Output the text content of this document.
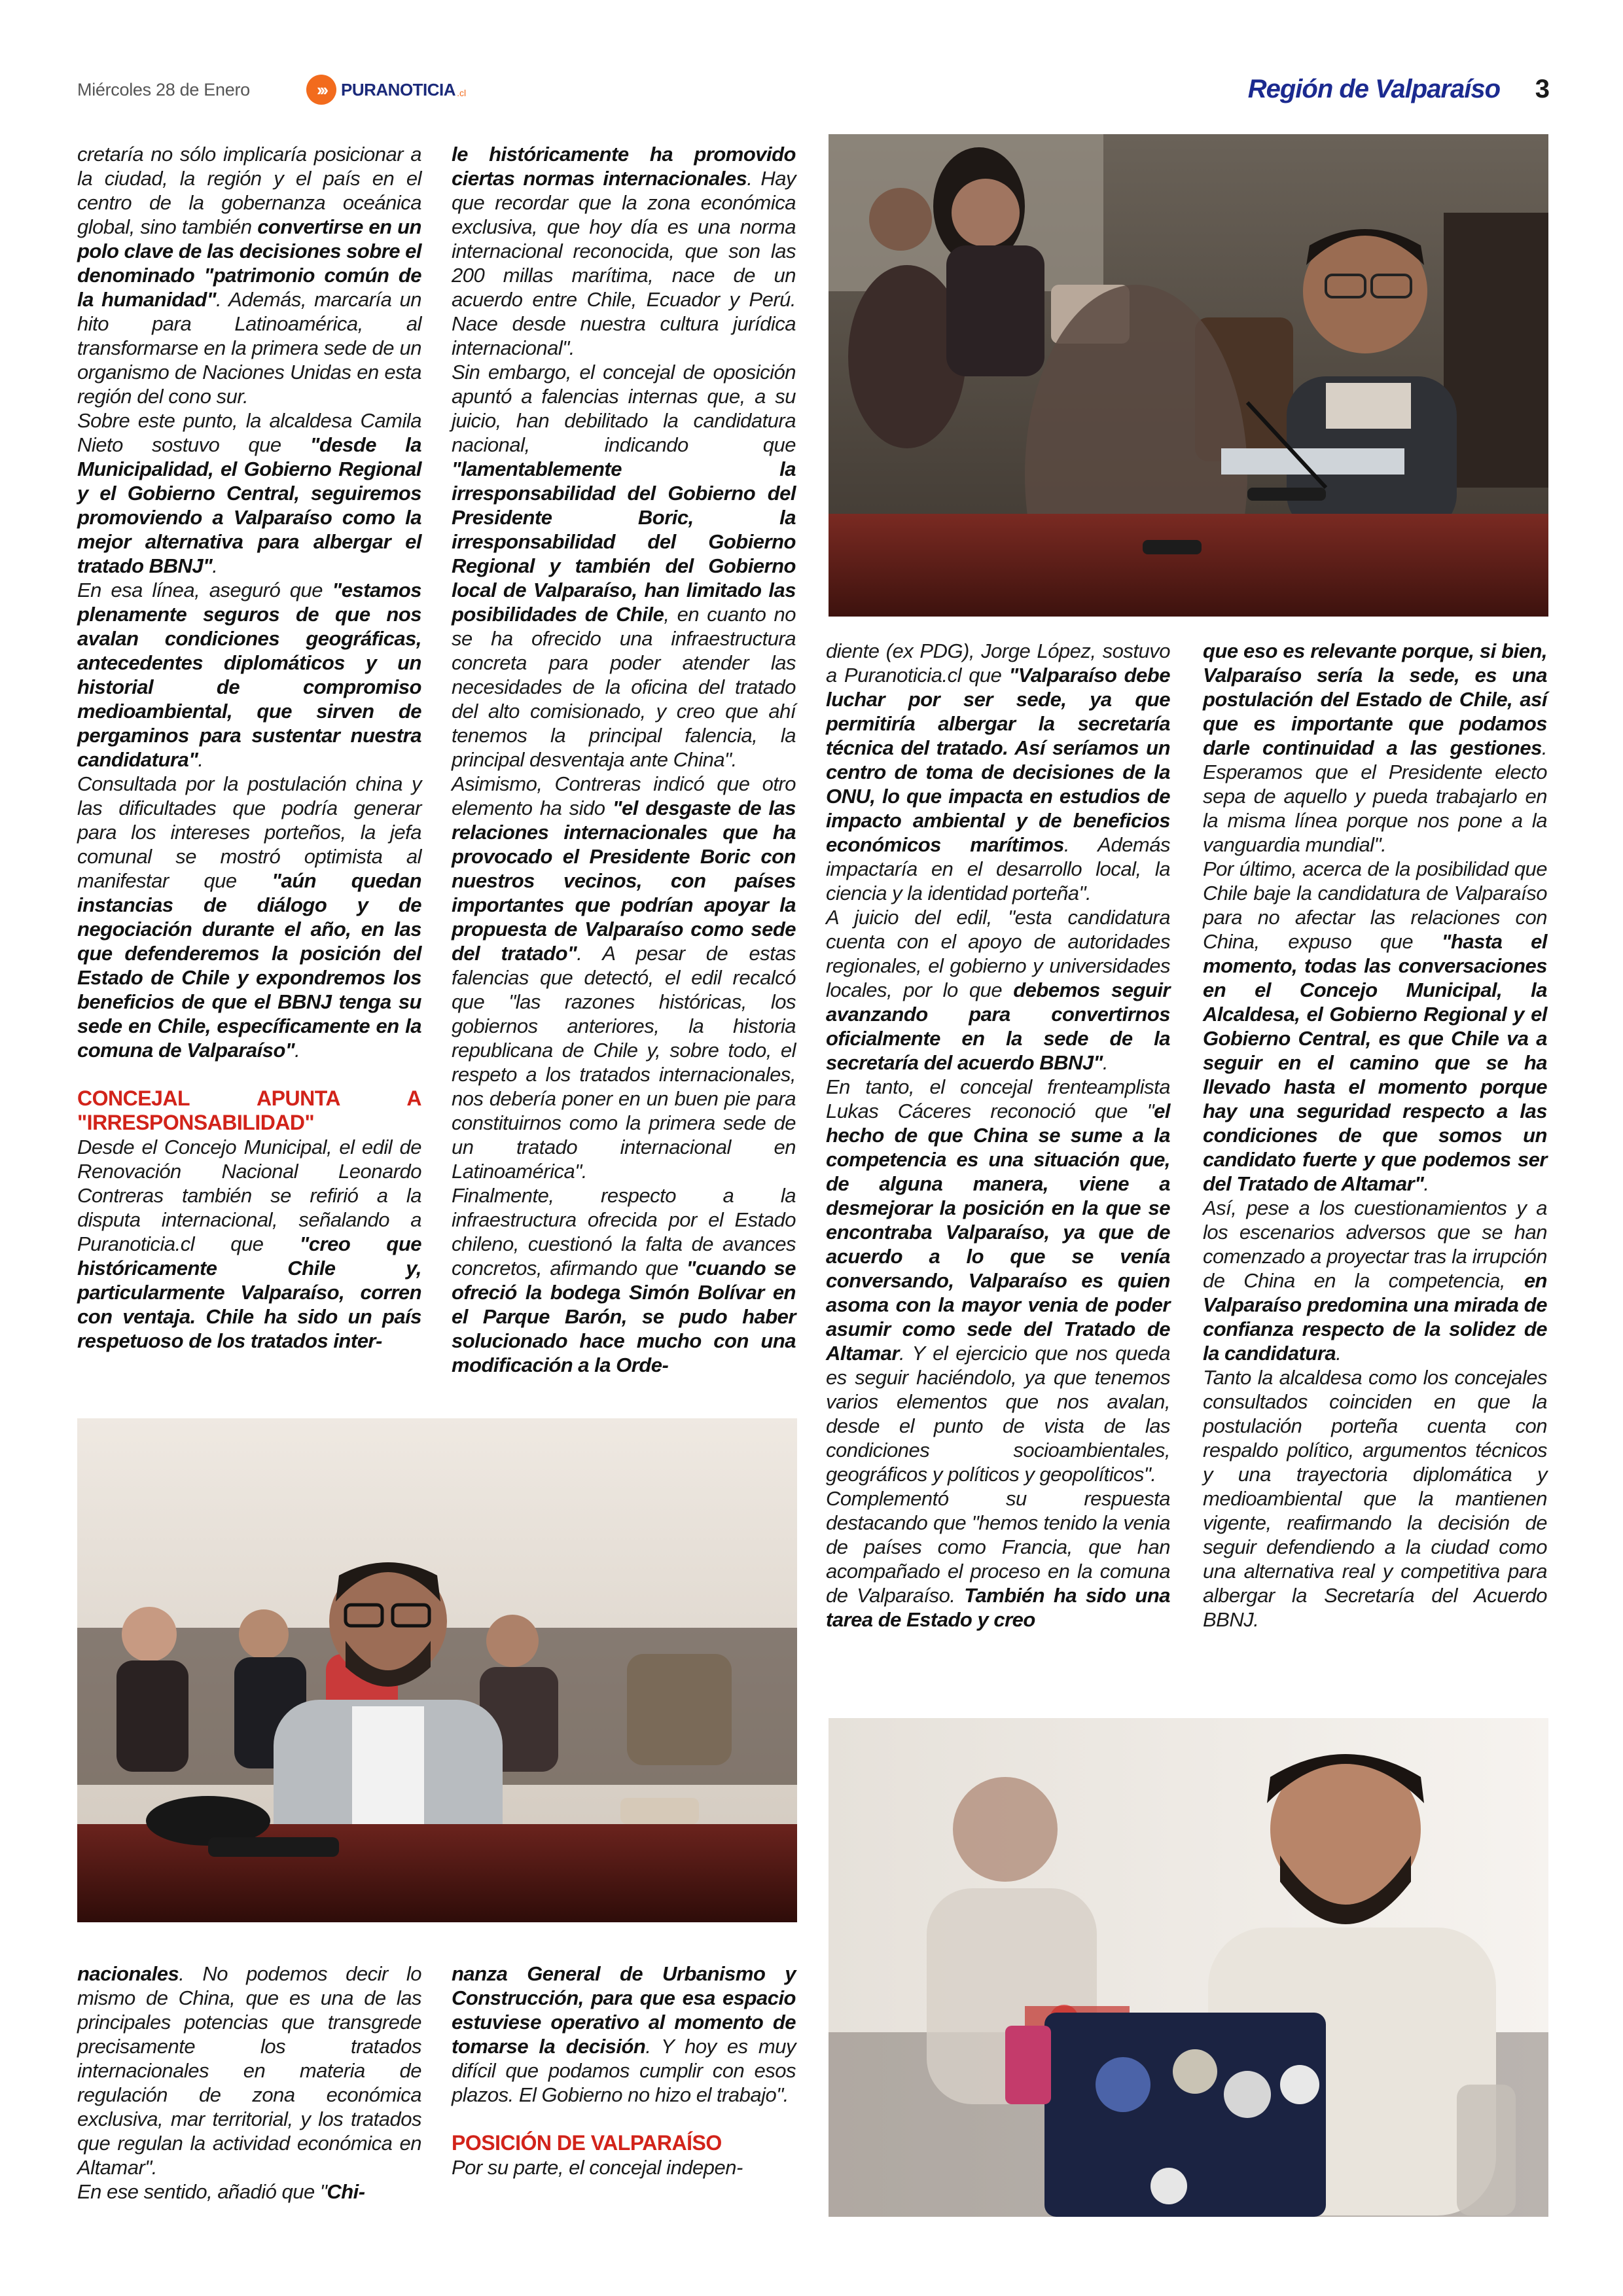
Miércoles 28 de Enero	››› PURANOTICIA .cl	Región de Valparaíso 3

cretaría no sólo implicaría posicionar a la ciudad, la región y el país en el centro de la gobernanza oceánica global, sino también convertirse en un polo clave de las decisiones sobre el denominado "patrimonio común de la humanidad". Además, marcaría un hito para Latinoamérica, al transformarse en la primera sede de un organismo de Naciones Unidas en esta región del cono sur.

Sobre este punto, la alcaldesa Camila Nieto sostuvo que "desde la Municipalidad, el Gobierno Regional y el Gobierno Central, seguiremos promoviendo a Valparaíso como la mejor alternativa para albergar el tratado BBNJ".

En esa línea, aseguró que "estamos plenamente seguros de que nos avalan condiciones geográficas, antecedentes diplomáticos y un historial de compromiso medioambiental, que sirven de pergaminos para sustentar nuestra candidatura".

Consultada por la postulación china y las dificultades que podría generar para los intereses porteños, la jefa comunal se mostró optimista al manifestar que "aún quedan instancias de diálogo y de negociación durante el año, en las que defenderemos la posición del Estado de Chile y expondremos los beneficios de que el BBNJ tenga su sede en Chile, específicamente en la comuna de Valparaíso".

CONCEJAL APUNTA A "IRRESPONSABILIDAD"

Desde el Concejo Municipal, el edil de Renovación Nacional Leonardo Contreras también se refirió a la disputa internacional, señalando a Puranoticia.cl que "creo que históricamente Chile y, particularmente Valparaíso, corren con ventaja. Chile ha sido un país respetuoso de los tratados inter-

le históricamente ha promovido ciertas normas internacionales. Hay que recordar que la zona económica exclusiva, que hoy día es una norma internacional reconocida, que son las 200 millas marítima, nace de un acuerdo entre Chile, Ecuador y Perú. Nace desde nuestra cultura jurídica internacional".

Sin embargo, el concejal de oposición apuntó a falencias internas que, a su juicio, han debilitado la candidatura nacional, indicando que "lamentablemente la irresponsabilidad del Gobierno del Presidente Boric, la irresponsabilidad del Gobierno Regional y también del Gobierno local de Valparaíso, han limitado las posibilidades de Chile, en cuanto no se ha ofrecido una infraestructura concreta para poder atender las necesidades de la oficina del tratado del alto comisionado, y creo que ahí tenemos la principal falencia, la principal desventaja ante China".

Asimismo, Contreras indicó que otro elemento ha sido "el desgaste de las relaciones internacionales que ha provocado el Presidente Boric con nuestros vecinos, con países importantes que podrían apoyar la propuesta de Valparaíso como sede del tratado". A pesar de estas falencias que detectó, el edil recalcó que "las razones históricas, los gobiernos anteriores, la historia republicana de Chile y, sobre todo, el respeto a los tratados internacionales, nos debería poner en un buen pie para constituirnos como la primera sede de un tratado internacional en Latinoamérica".

Finalmente, respecto a la infraestructura ofrecida por el Estado chileno, cuestionó la falta de avances concretos, afirmando que "cuando se ofreció la bodega Simón Bolívar en el Parque Barón, se pudo haber solucionado hace mucho con una modificación a la Orde-

diente (ex PDG), Jorge López, sostuvo a Puranoticia.cl que "Valparaíso debe luchar por ser sede, ya que permitiría albergar la secretaría técnica del tratado. Así seríamos un centro de toma de decisiones de la ONU, lo que impacta en estudios de impacto ambiental y de beneficios económicos marítimos. Además impactaría en el desarrollo local, la ciencia y la identidad porteña".

A juicio del edil, "esta candidatura cuenta con el apoyo de autoridades regionales, el gobierno y universidades locales, por lo que debemos seguir avanzando para convertirnos oficialmente en la sede de la secretaría del acuerdo BBNJ".

En tanto, el concejal frenteamplista Lukas Cáceres reconoció que "el hecho de que China se sume a la competencia es una situación que, de alguna manera, viene a desmejorar la posición en la que se encontraba Valparaíso, ya que de acuerdo a lo que se venía conversando, Valparaíso es quien asoma con la mayor venia de poder asumir como sede del Tratado de Altamar. Y el ejercicio que nos queda es seguir haciéndolo, ya que tenemos varios elementos que nos avalan, desde el punto de vista de las condiciones socioambientales, geográficos y políticos y geopolíticos".

Complementó su respuesta destacando que "hemos tenido la venia de países como Francia, que han acompañado el proceso en la comuna de Valparaíso. También ha sido una tarea de Estado y creo

que eso es relevante porque, si bien, Valparaíso sería la sede, es una postulación del Estado de Chile, así que es importante que podamos darle continuidad a las gestiones. Esperamos que el Presidente electo sepa de aquello y pueda trabajarlo en la misma línea porque nos pone a la vanguardia mundial".

Por último, acerca de la posibilidad que Chile baje la candidatura de Valparaíso para no afectar las relaciones con China, expuso que "hasta el momento, todas las conversaciones en el Concejo Municipal, la Alcaldesa, el Gobierno Regional y el Gobierno Central, es que Chile va a seguir en el camino que se ha llevado hasta el momento porque hay una seguridad respecto a las condiciones de que somos un candidato fuerte y que podemos ser del Tratado de Altamar".

Así, pese a los cuestionamientos y a los escenarios adversos que se han comenzado a proyectar tras la irrupción de China en la competencia, en Valparaíso predomina una mirada de confianza respecto de la solidez de la candidatura.

Tanto la alcaldesa como los concejales consultados coinciden en que la postulación porteña cuenta con respaldo político, argumentos técnicos y una trayectoria diplomática y medioambiental que la mantienen vigente, reafirmando la decisión de seguir defendiendo a la ciudad como una alternativa real y competitiva para albergar la Secretaría del Acuerdo BBNJ.

nacionales. No podemos decir lo mismo de China, que es una de las principales potencias que transgrede precisamente los tratados internacionales en materia de regulación de zona económica exclusiva, mar territorial, y los tratados que regulan la actividad económica en Altamar".

En ese sentido, añadió que "Chi-

nanza General de Urbanismo y Construcción, para que esa espacio estuviese operativo al momento de tomarse la decisión. Y hoy es muy difícil que podamos cumplir con esos plazos. El Gobierno no hizo el trabajo".

POSICIÓN DE VALPARAÍSO

Por su parte, el concejal indepen-
